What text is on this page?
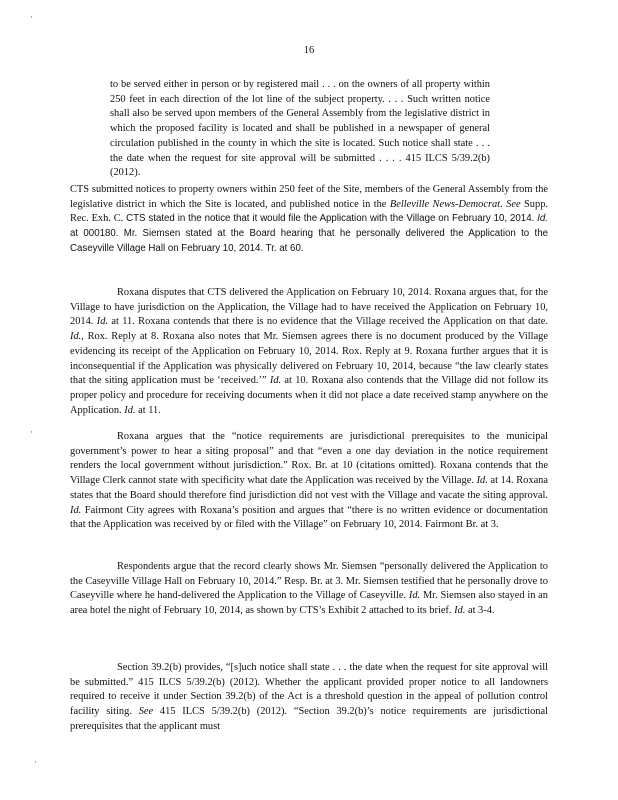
16

to be served either in person or by registered mail . . . on the owners of all property within 250 feet in each direction of the lot line of the subject property. . . . Such written notice shall also be served upon members of the General Assembly from the legislative district in which the proposed facility is located and shall be published in a newspaper of general circulation published in the county in which the site is located. Such notice shall state . . . the date when the request for site approval will be submitted . . . . 415 ILCS 5/39.2(b) (2012).

CTS submitted notices to property owners within 250 feet of the Site, members of the General Assembly from the legislative district in which the Site is located, and published notice in the Belleville News-Democrat. See Supp. Rec. Exh. C. CTS stated in the notice that it would file the Application with the Village on February 10, 2014. Id. at 000180. Mr. Siemsen stated at the Board hearing that he personally delivered the Application to the Caseyville Village Hall on February 10, 2014. Tr. at 60.

Roxana disputes that CTS delivered the Application on February 10, 2014. Roxana argues that, for the Village to have jurisdiction on the Application, the Village had to have received the Application on February 10, 2014. Id. at 11. Roxana contends that there is no evidence that the Village received the Application on that date. Id., Rox. Reply at 8. Roxana also notes that Mr. Siemsen agrees there is no document produced by the Village evidencing its receipt of the Application on February 10, 2014. Rox. Reply at 9. Roxana further argues that it is inconsequential if the Application was physically delivered on February 10, 2014, because “the law clearly states that the siting application must be ‘received.’” Id. at 10. Roxana also contends that the Village did not follow its proper policy and procedure for receiving documents when it did not place a date received stamp anywhere on the Application. Id. at 11.

Roxana argues that the “notice requirements are jurisdictional prerequisites to the municipal government’s power to hear a siting proposal” and that “even a one day deviation in the notice requirement renders the local government without jurisdiction.” Rox. Br. at 10 (citations omitted). Roxana contends that the Village Clerk cannot state with specificity what date the Application was received by the Village. Id. at 14. Roxana states that the Board should therefore find jurisdiction did not vest with the Village and vacate the siting approval. Id. Fairmont City agrees with Roxana’s position and argues that “there is no written evidence or documentation that the Application was received by or filed with the Village” on February 10, 2014. Fairmont Br. at 3.

Respondents argue that the record clearly shows Mr. Siemsen “personally delivered the Application to the Caseyville Village Hall on February 10, 2014.” Resp. Br. at 3. Mr. Siemsen testified that he personally drove to Caseyville where he hand-delivered the Application to the Village of Caseyville. Id. Mr. Siemsen also stayed in an area hotel the night of February 10, 2014, as shown by CTS’s Exhibit 2 attached to its brief. Id. at 3-4.

Section 39.2(b) provides, “[s]uch notice shall state . . . the date when the request for site approval will be submitted.” 415 ILCS 5/39.2(b) (2012). Whether the applicant provided proper notice to all landowners required to receive it under Section 39.2(b) of the Act is a threshold question in the appeal of pollution control facility siting. See 415 ILCS 5/39.2(b) (2012). “Section 39.2(b)’s notice requirements are jurisdictional prerequisites that the applicant must

·
·
·
